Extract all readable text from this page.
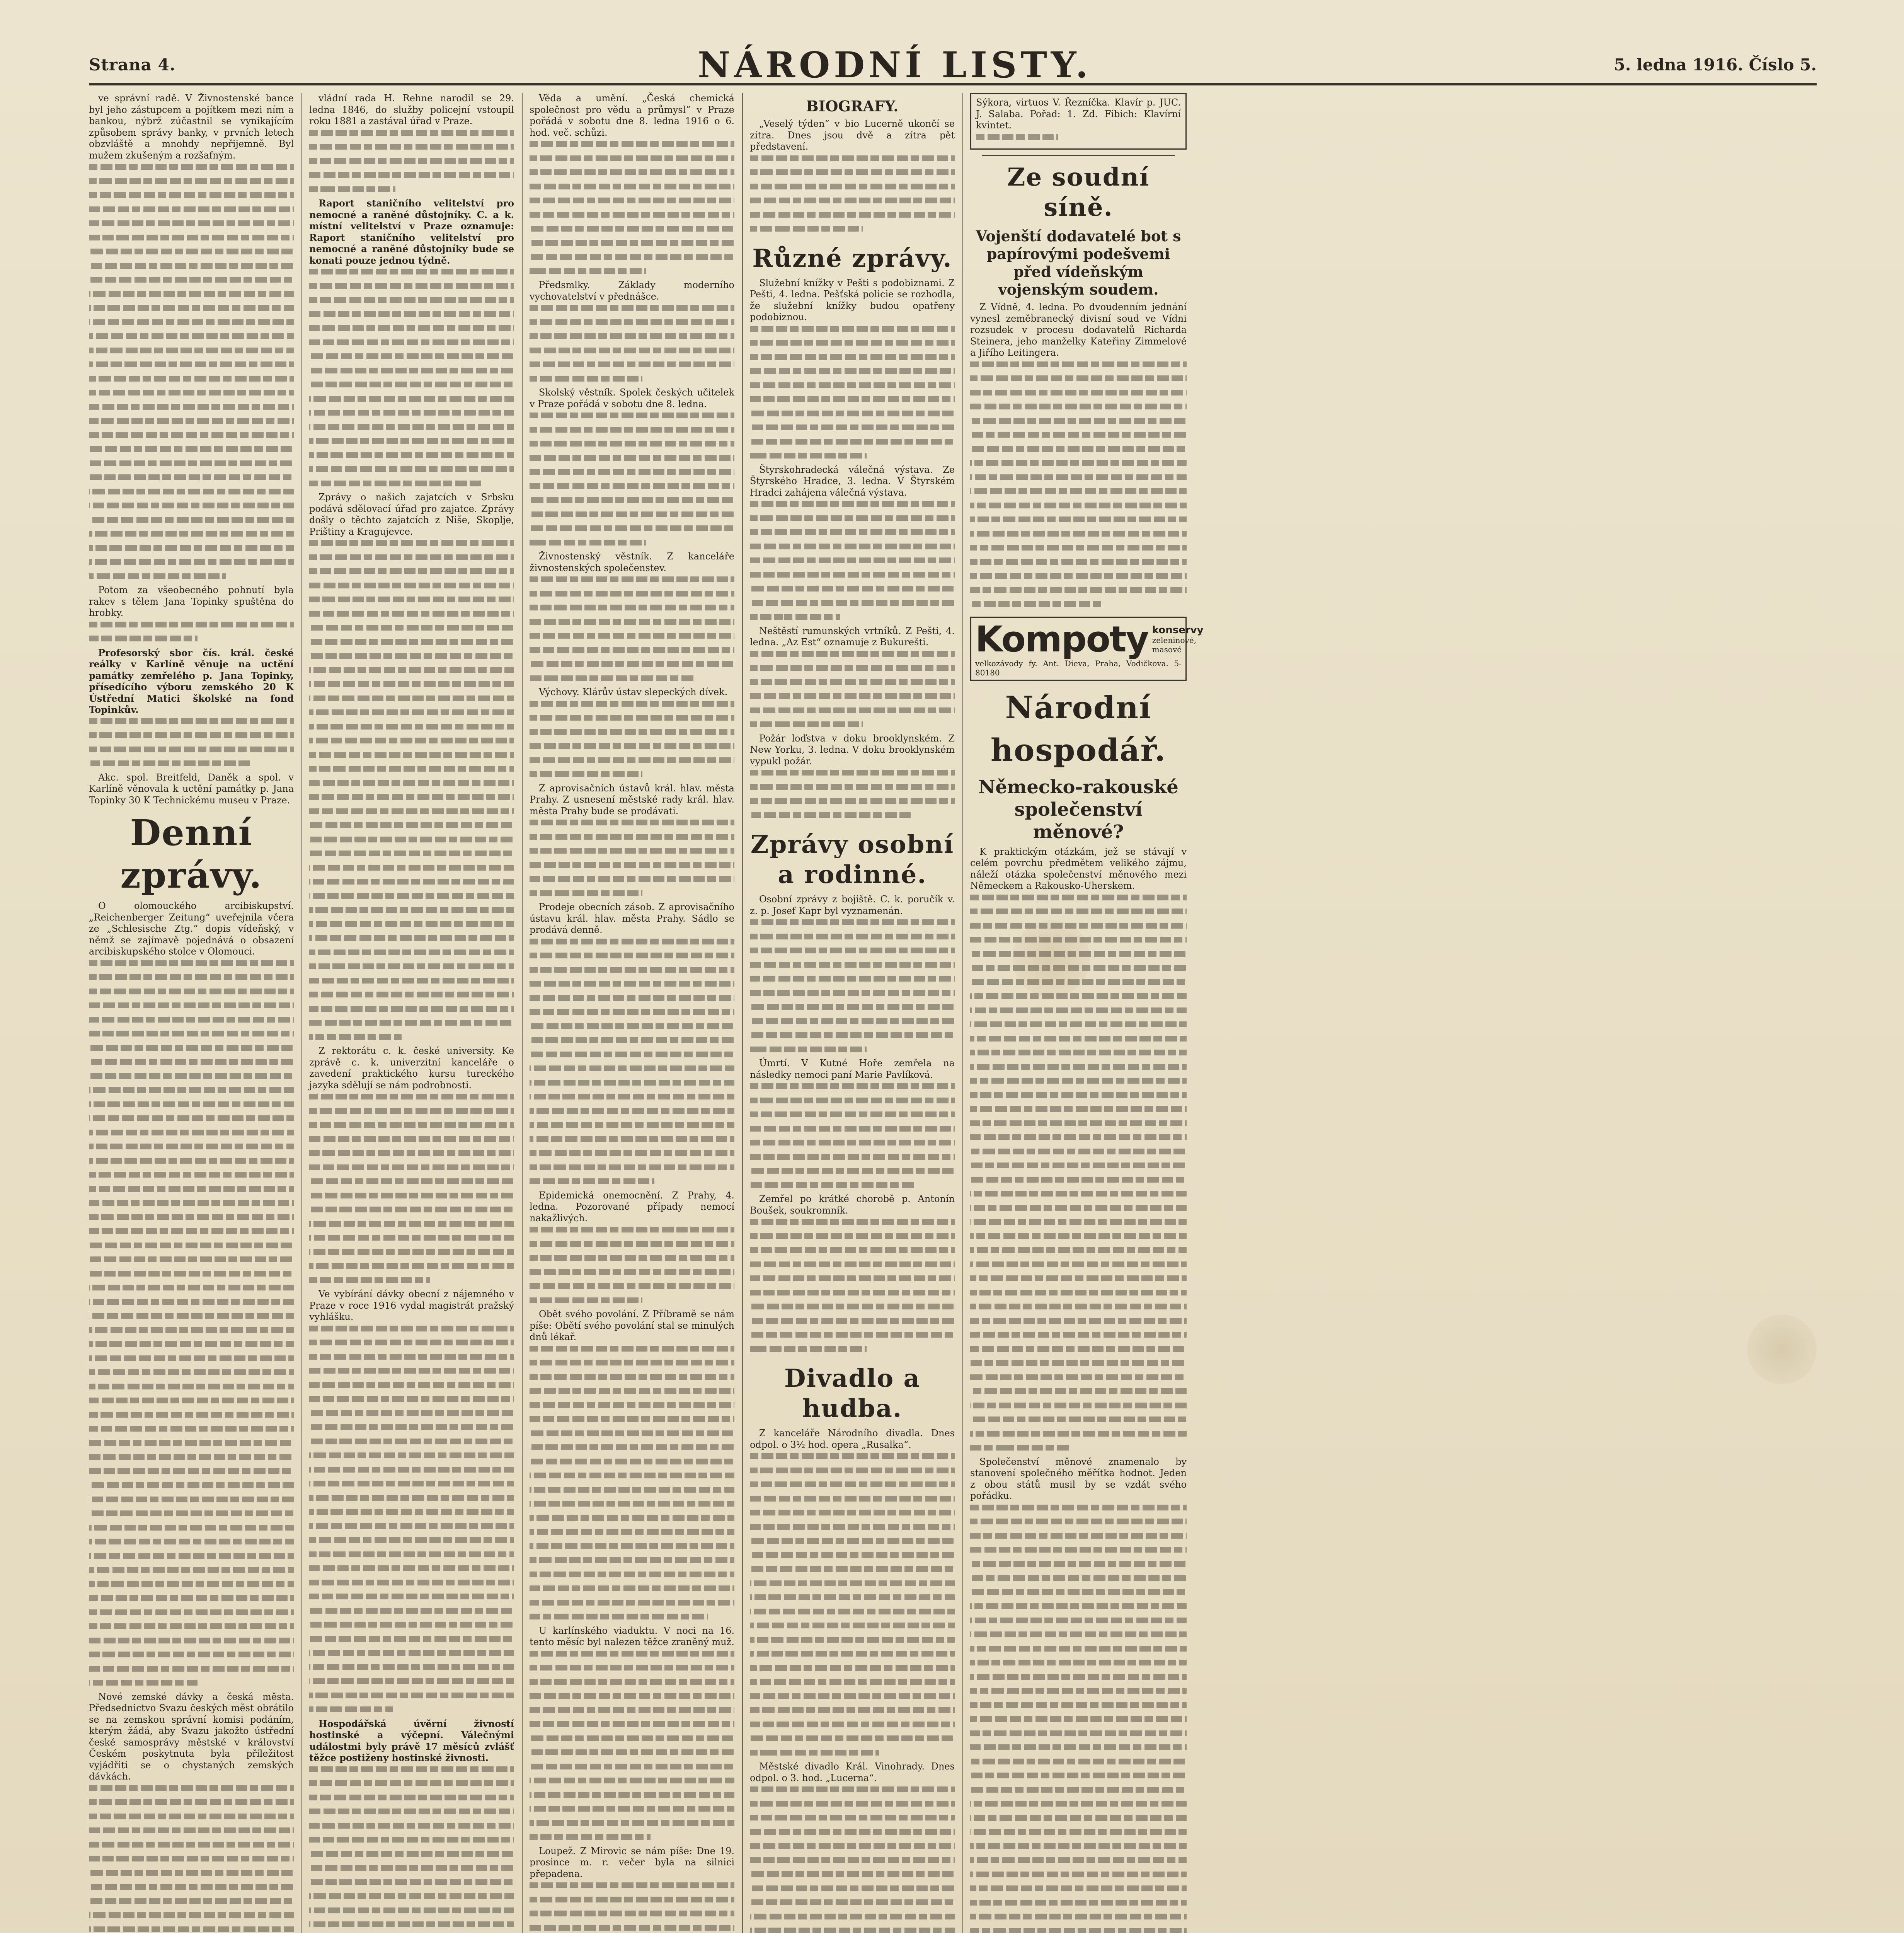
Strana 4.	NÁRODNÍ LISTY.	5. ledna 1916. Číslo 5.

ve správní radě. V Živnostenské bance byl jeho zástupcem a pojítkem mezi ním a bankou, nýbrž zúčastnil se vynikajícím způsobem správy banky, v prvních letech obzvláště a mnohdy nepřijemně. Byl mužem zkušeným a rozšafným.

Potom za všeobecného pohnutí byla rakev s tělem Jana Topinky spuštěna do hrobky.

Profesorský sbor čís. král. české reálky v Karlíně věnuje na uctění památky zemřelého p. Jana Topinky, přísedícího výboru zemského 20 K Ústřední Matici školské na fond Topinkův.

Akc. spol. Breitfeld, Daněk a spol. v Karlíně věnovala k uctění památky p. Jana Topinky 30 K Technickému museu v Praze.

Denní zprávy.

O olomouckého arcibiskupství. „Reichenberger Zeitung“ uveřejnila včera ze „Schlesische Ztg.“ dopis vídeňský, v němž se zajímavě pojednává o obsazení arcibiskupského stolce v Olomouci.

Nové zemské dávky a česká města. Předsednictvo Svazu českých měst obrátilo se na zemskou správní komisi podáním, kterým žádá, aby Svazu jakožto ústřední české samosprávy městské v království Českém poskytnuta byla příležitost vyjádřiti se o chystaných zemských dávkách.

vládní rada H. Rehne narodil se 29. ledna 1846, do služby policejní vstoupil roku 1881 a zastával úřad v Praze.

Raport staničního velitelství pro nemocné a raněné důstojníky. C. a k. místní velitelství v Praze oznamuje: Raport staničního velitelství pro nemocné a raněné důstojníky bude se konati pouze jednou týdně.

Zprávy o našich zajatcích v Srbsku podává sdělovací úřad pro zajatce. Zprávy došly o těchto zajatcích z Niše, Skoplje, Prištiny a Kragujevce.

Z rektorátu c. k. české university. Ke zprávě c. k. univerzitní kanceláře o zavedení praktického kursu tureckého jazyka sdělují se nám podrobnosti.

Ve vybírání dávky obecní z nájemného v Praze v roce 1916 vydal magistrát pražský vyhlášku.

Hospodářská úvěrní živností hostinské a výčepní. Válečnými událostmi byly právě 17 měsíců zvlášť těžce postiženy hostinské živnosti.

Věda a umění. „Česká chemická společnost pro vědu a průmysl“ v Praze pořádá v sobotu dne 8. ledna 1916 o 6. hod. več. schůzi.

Předsmlky. Základy moderního vychovatelství v přednášce.

Skolský věstník. Spolek českých učitelek v Praze pořádá v sobotu dne 8. ledna.

Živnostenský věstník. Z kanceláře živnostenských společenstev.

Výchovy. Klárův ústav slepeckých dívek.

Z aprovisačních ústavů král. hlav. města Prahy. Z usnesení městské rady král. hlav. města Prahy bude se prodávati.

Prodeje obecních zásob. Z aprovisačního ústavu král. hlav. města Prahy. Sádlo se prodává denně.

Epidemická onemocnění. Z Prahy, 4. ledna. Pozorované případy nemocí nakažlivých.

Obět svého povolání. Z Příbramě se nám píše: Obětí svého povolání stal se minulých dnů lékař.

U karlínského viaduktu. V noci na 16. tento měsíc byl nalezen těžce zraněný muž.

Loupež. Z Mirovic se nám píše: Dne 19. prosince m. r. večer byla na silnici přepadena.

BIOGRAFY.

„Veselý týden“ v bio Lucerně ukončí se zítra. Dnes jsou dvě a zítra pět představení.

Různé zprávy.

Služební knížky v Pešti s podobiznami. Z Pešti, 4. ledna. Pešťská policie se rozhodla, že služební knížky budou opatřeny podobiznou.

Štyrskohradecká válečná výstava. Ze Štyrského Hradce, 3. ledna. V Štyrském Hradci zahájena válečná výstava.

Neštěstí rumunských vrtníků. Z Pešti, 4. ledna. „Az Est“ oznamuje z Bukurešti.

Požár loďstva v doku brooklynském. Z New Yorku, 3. ledna. V doku brooklynském vypukl požár.

Zprávy osobní a rodinné.

Osobní zprávy z bojiště. C. k. poručík v. z. p. Josef Kapr byl vyznamenán.

Úmrtí. V Kutné Hoře zemřela na následky nemoci paní Marie Pavlíková.

Zemřel po krátké chorobě p. Antonín Boušek, soukromník.

Divadlo a hudba.

Z kanceláře Národního divadla. Dnes odpol. o 3½ hod. opera „Rusalka“.

Městské divadlo Král. Vinohrady. Dnes odpol. o 3. hod. „Lucerna“.

Sýkora, virtuos V. Řezníčka. Klavír p. JUC. J. Salaba. Pořad: 1. Zd. Fibich: Klavírní kvintet.

Ze soudní síně.
Vojenští dodavatelé bot s papírovými podešvemi před vídeňským vojenským soudem.

Z Vídně, 4. ledna. Po dvoudenním jednání vynesl zeměbranecký divisní soud ve Vídni rozsudek v procesu dodavatelů Richarda Steinera, jeho manželky Kateřiny Zimmelové a Jiřího Leitingera.

Kompoty konservy
zeleninové, masové
velkozávody fy. Ant. Dieva, Praha, Vodičkova. 5-80180
Národní hospodář.
Německo-rakouské společenství měnové?

K praktickým otázkám, jež se stávají v celém povrchu předmětem velikého zájmu, náleží otázka společenství měnového mezi Německem a Rakousko-Uherskem.

Společenství měnové znamenalo by stanovení společného měřítka hodnot. Jeden z obou států musil by se vzdát svého pořádku.
